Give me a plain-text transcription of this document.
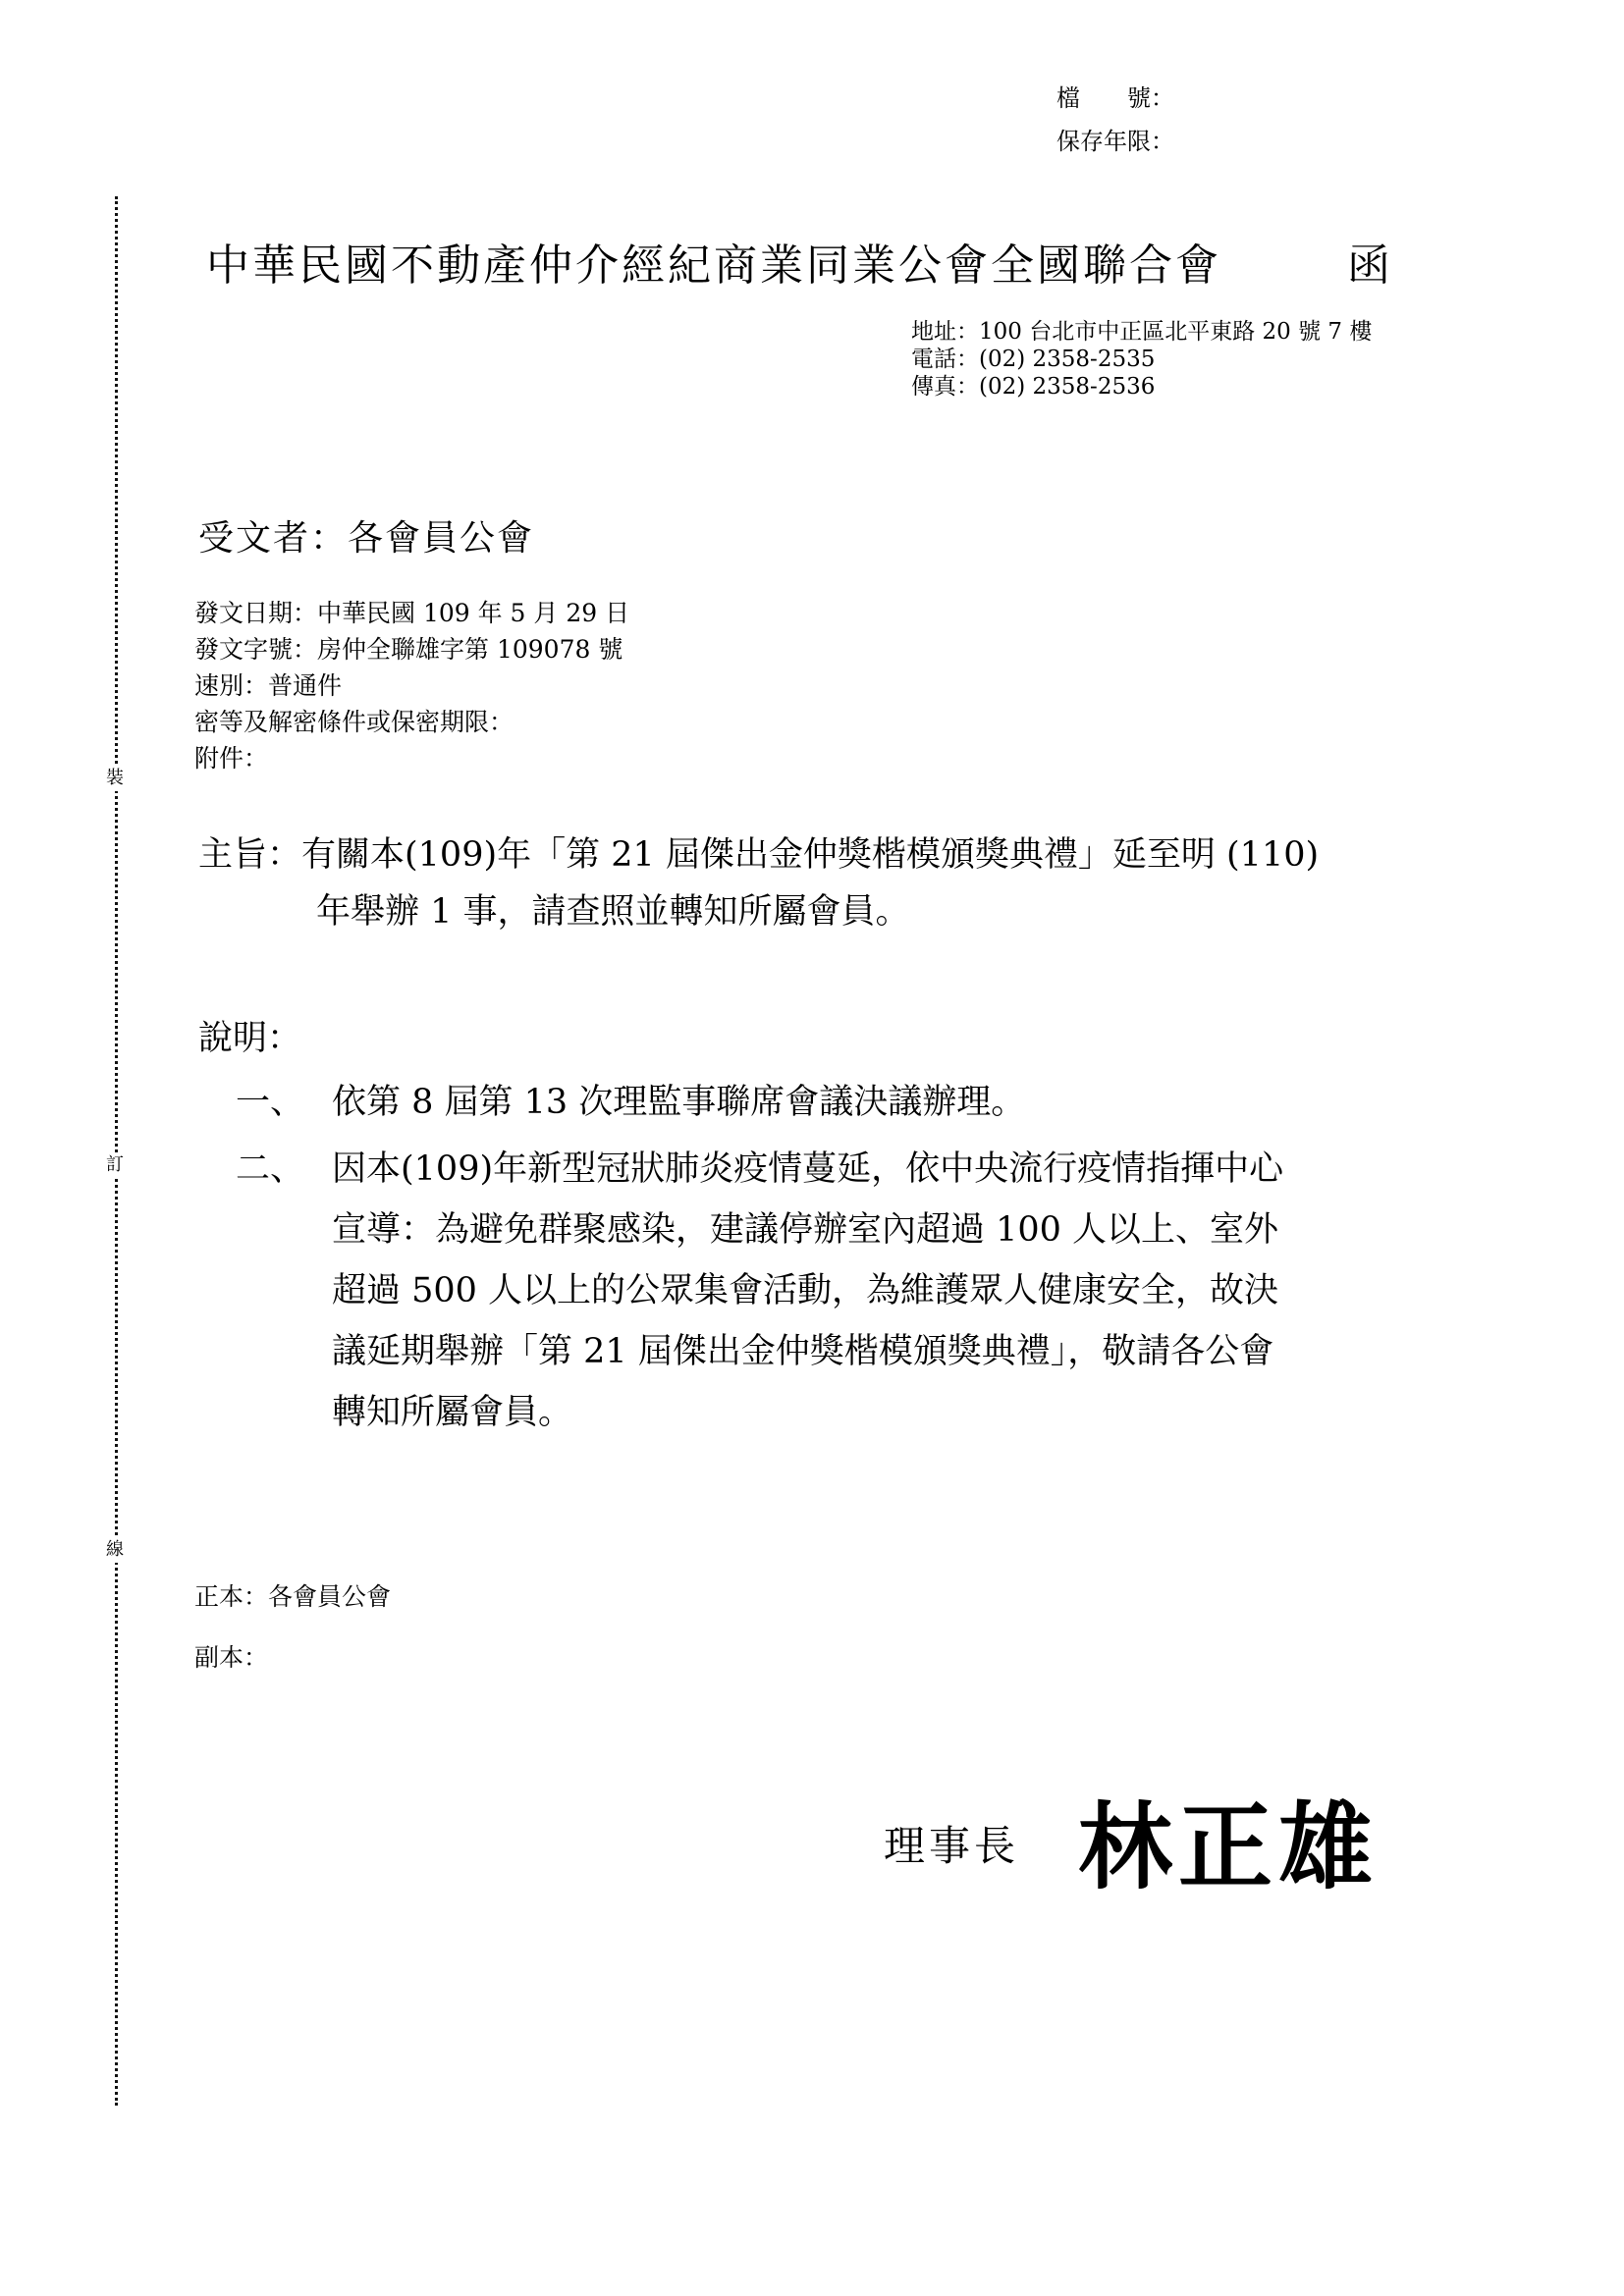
檔　　號：
保存年限：
裝
訂
線
中華民國不動產仲介經紀商業同業公會全國聯合會	函
地址：100 台北市中正區北平東路 20 號 7 樓
電話：(02) 2358-2535
傳真：(02) 2358-2536
受文者：各會員公會
發文日期：中華民國 109 年 5 月 29 日
發文字號：房仲全聯雄字第 109078 號
速別：普通件
密等及解密條件或保密期限：
附件：
主旨：有關本(109)年「第 21 屆傑出金仲獎楷模頒獎典禮」延至明 (110)
年舉辦 1 事，請查照並轉知所屬會員。
說明：
一、 依第 8 屆第 13 次理監事聯席會議決議辦理。
二、 因本(109)年新型冠狀肺炎疫情蔓延，依中央流行疫情指揮中心
宣導：為避免群聚感染，建議停辦室內超過 100 人以上、室外
超過 500 人以上的公眾集會活動，為維護眾人健康安全，故決
議延期舉辦「第 21 屆傑出金仲獎楷模頒獎典禮」，敬請各公會
轉知所屬會員。
正本：各會員公會
副本：
理事長 林正雄
